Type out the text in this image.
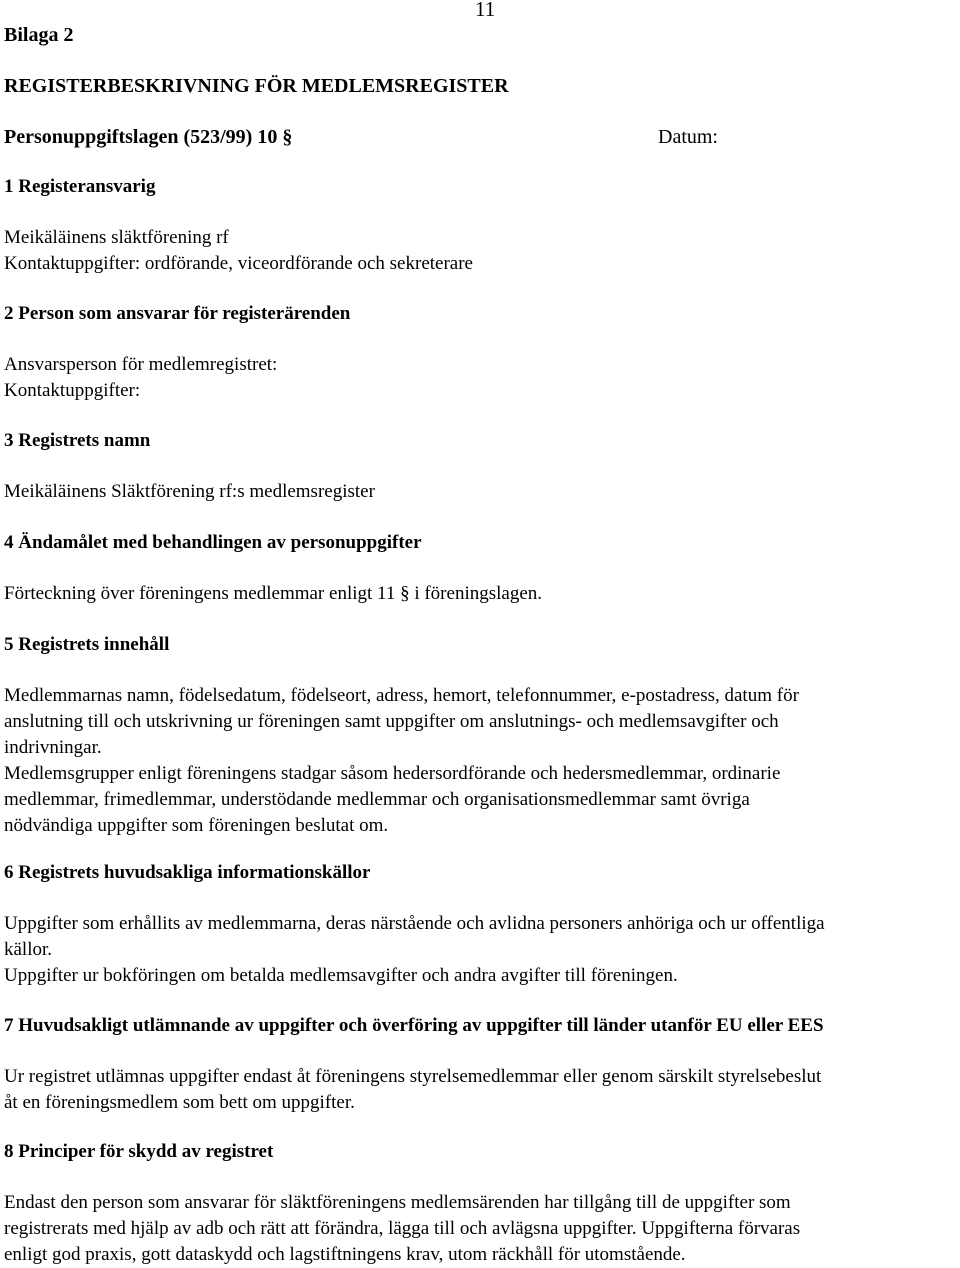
11
Bilaga 2
REGISTERBESKRIVNING FÖR MEDLEMSREGISTER
Personuppgiftslagen (523/99) 10 §	Datum:
1 Registeransvarig
Meikäläinens släktförening rf
Kontaktuppgifter: ordförande, viceordförande och sekreterare
2 Person som ansvarar för registerärenden
Ansvarsperson för medlemregistret:
Kontaktuppgifter:
3 Registrets namn
Meikäläinens Släktförening rf:s medlemsregister
4 Ändamålet med behandlingen av personuppgifter
Förteckning över föreningens medlemmar enligt 11 § i föreningslagen.
5 Registrets innehåll
Medlemmarnas namn, födelsedatum, födelseort, adress, hemort, telefonnummer, e-postadress, datum för
anslutning till och utskrivning ur föreningen samt uppgifter om anslutnings- och medlemsavgifter och
indrivningar.
Medlemsgrupper enligt föreningens stadgar såsom hedersordförande och hedersmedlemmar, ordinarie
medlemmar, frimedlemmar, understödande medlemmar och organisationsmedlemmar samt övriga
nödvändiga uppgifter som föreningen beslutat om.
6 Registrets huvudsakliga informationskällor
Uppgifter som erhållits av medlemmarna, deras närstående och avlidna personers anhöriga och ur offentliga
källor.
Uppgifter ur bokföringen om betalda medlemsavgifter och andra avgifter till föreningen.
7 Huvudsakligt utlämnande av uppgifter och överföring av uppgifter till länder utanför EU eller EES
Ur registret utlämnas uppgifter endast åt föreningens styrelsemedlemmar eller genom särskilt styrelsebeslut
åt en föreningsmedlem som bett om uppgifter.
8 Principer för skydd av registret
Endast den person som ansvarar för släktföreningens medlemsärenden har tillgång till de uppgifter som
registrerats med hjälp av adb och rätt att förändra, lägga till och avlägsna uppgifter. Uppgifterna förvaras
enligt god praxis, gott dataskydd och lagstiftningens krav, utom räckhåll för utomstående.
